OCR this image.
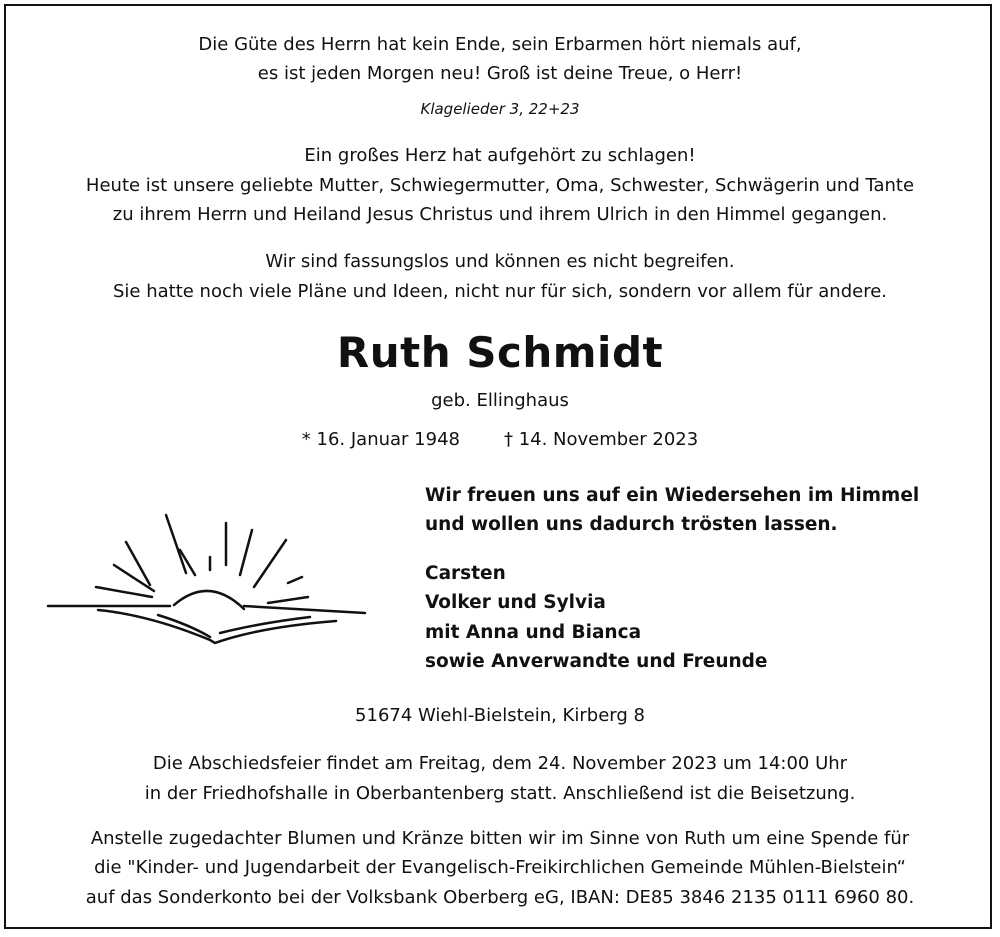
Die Güte des Herrn hat kein Ende, sein Erbarmen hört niemals auf,
es ist jeden Morgen neu! Groß ist deine Treue, o Herr!
Klagelieder 3, 22+23
Ein großes Herz hat aufgehört zu schlagen!
Heute ist unsere geliebte Mutter, Schwiegermutter, Oma, Schwester, Schwägerin und Tante
zu ihrem Herrn und Heiland Jesus Christus und ihrem Ulrich in den Himmel gegangen.
Wir sind fassungslos und können es nicht begreifen.
Sie hatte noch viele Pläne und Ideen, nicht nur für sich, sondern vor allem für andere.
Ruth Schmidt
geb. Ellinghaus
* 16. Januar 1948 † 14. November 2023
Wir freuen uns auf ein Wiedersehen im Himmel
und wollen uns dadurch trösten lassen.
Carsten
Volker und Sylvia
mit Anna und Bianca
sowie Anverwandte und Freunde
51674 Wiehl-Bielstein, Kirberg 8
Die Abschiedsfeier findet am Freitag, dem 24. November 2023 um 14:00 Uhr
in der Friedhofshalle in Oberbantenberg statt. Anschließend ist die Beisetzung.
Anstelle zugedachter Blumen und Kränze bitten wir im Sinne von Ruth um eine Spende für
die "Kinder- und Jugendarbeit der Evangelisch-Freikirchlichen Gemeinde Mühlen-Bielstein“
auf das Sonderkonto bei der Volksbank Oberberg eG, IBAN: DE85 3846 2135 0111 6960 80.
